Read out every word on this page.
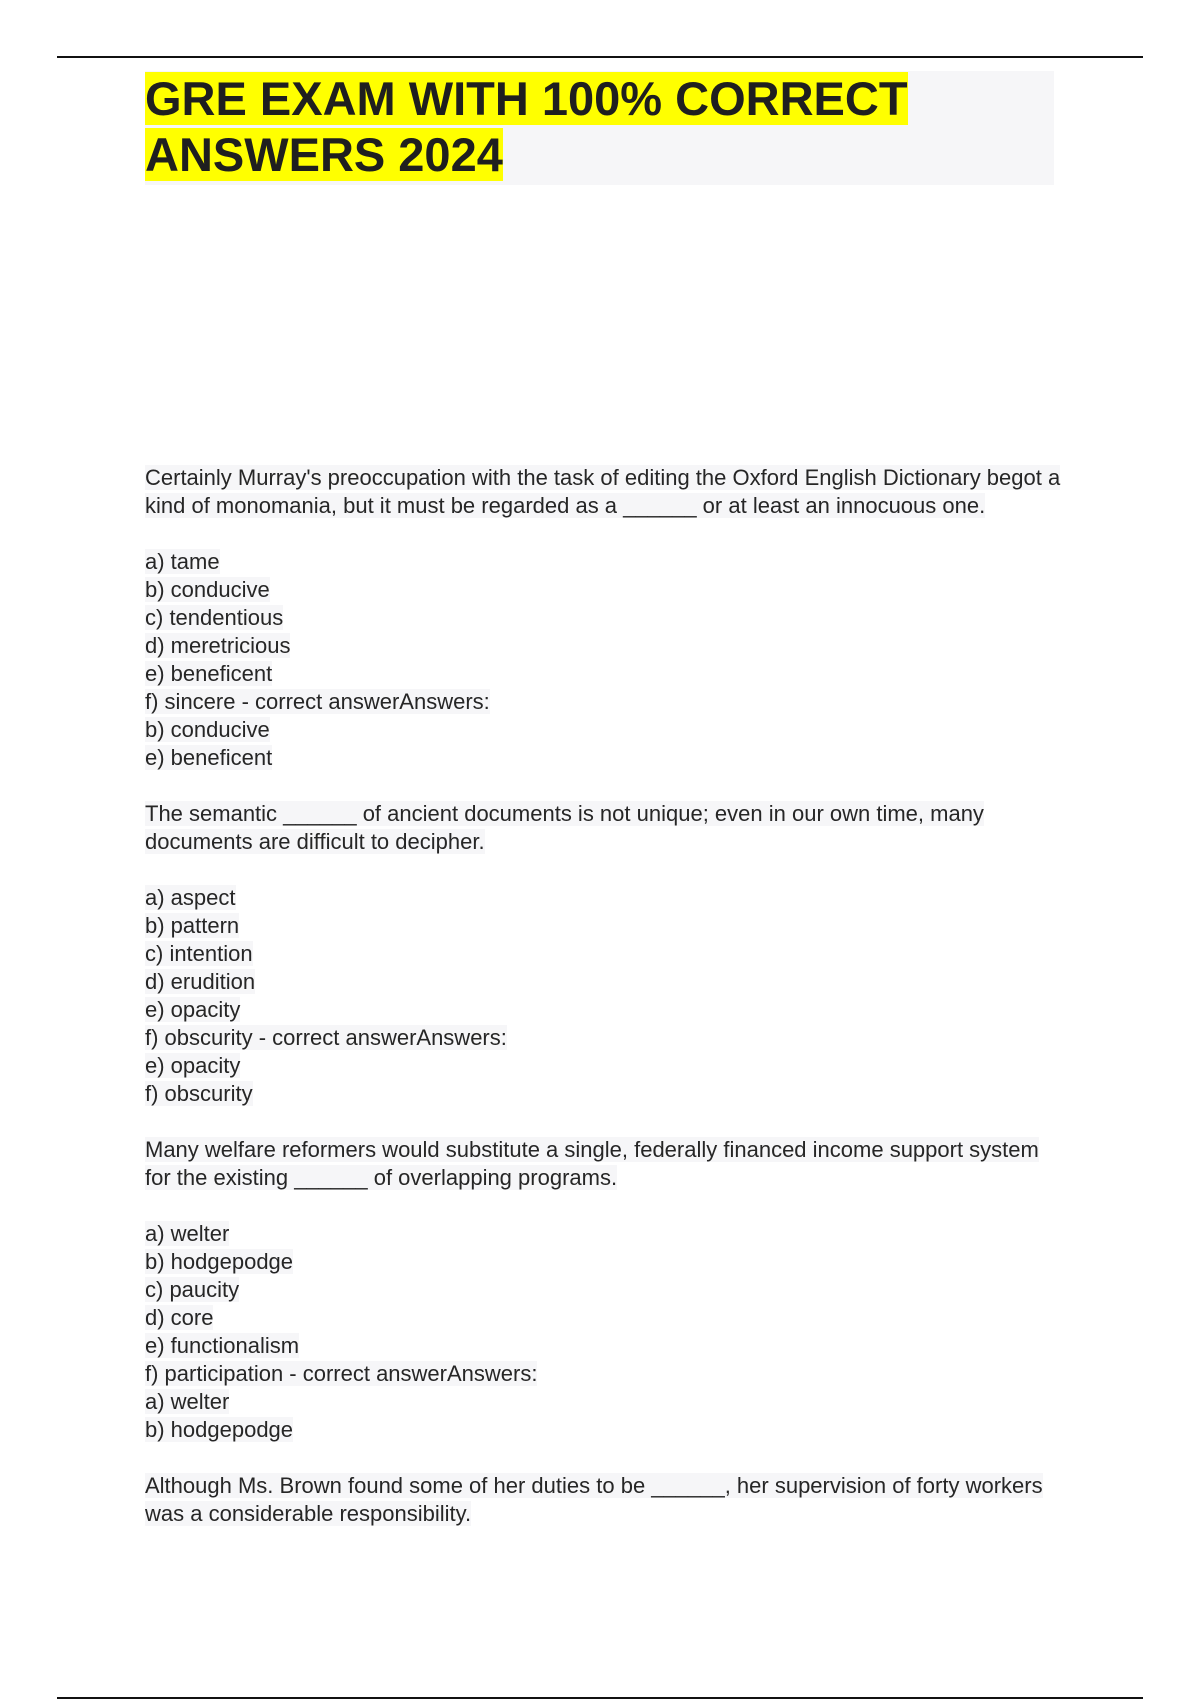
GRE EXAM WITH 100% CORRECT ANSWERS 2024

Certainly Murray's preoccupation with the task of editing the Oxford English Dictionary begot a kind of monomania, but it must be regarded as a ______ or at least an innocuous one.

a) tame
b) conducive
c) tendentious
d) meretricious
e) beneficent
f) sincere - correct answerAnswers:
b) conducive
e) beneficent

The semantic ______ of ancient documents is not unique; even in our own time, many documents are difficult to decipher.

a) aspect
b) pattern
c) intention
d) erudition
e) opacity
f) obscurity - correct answerAnswers:
e) opacity
f) obscurity

Many welfare reformers would substitute a single, federally financed income support system for the existing ______ of overlapping programs.

a) welter
b) hodgepodge
c) paucity
d) core
e) functionalism
f) participation - correct answerAnswers:
a) welter
b) hodgepodge

Although Ms. Brown found some of her duties to be ______, her supervision of forty workers was a considerable responsibility.
